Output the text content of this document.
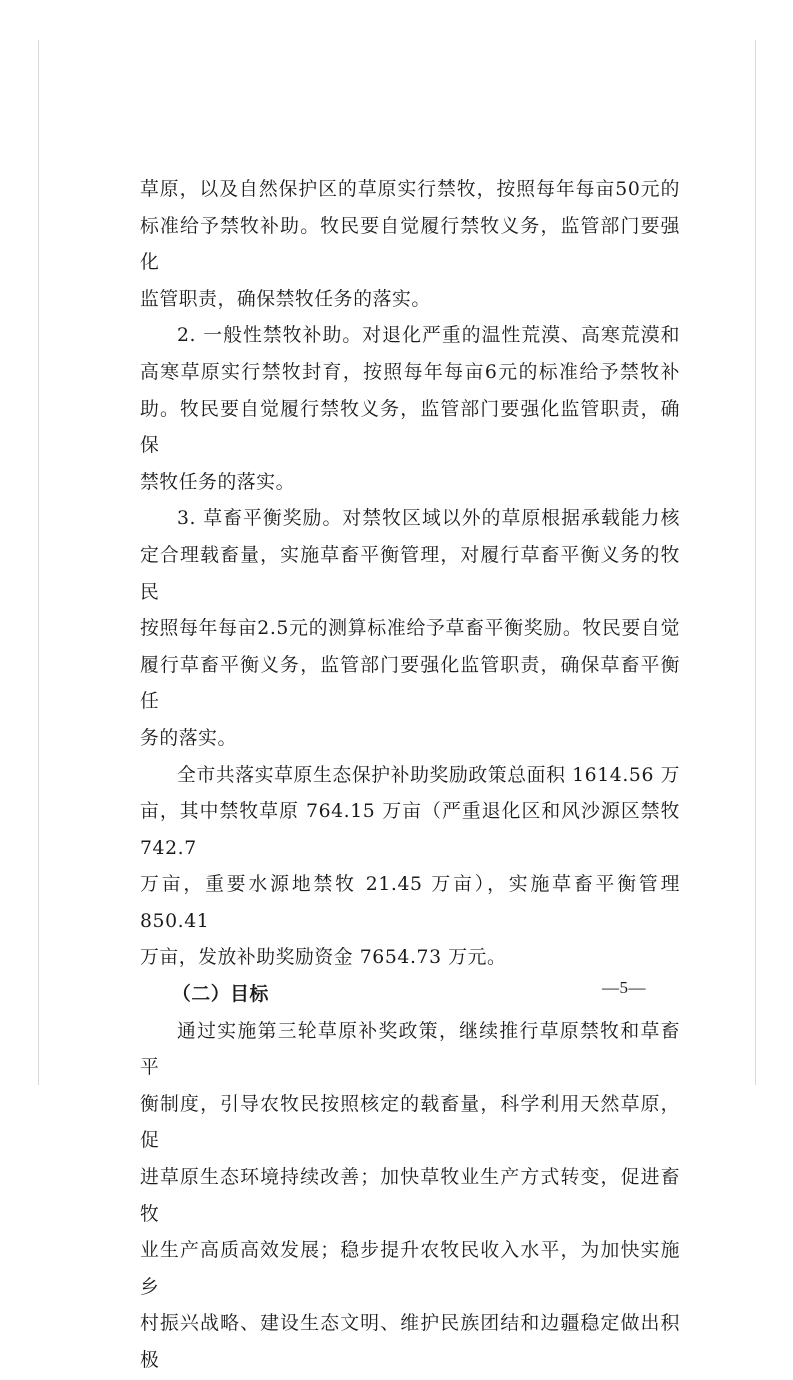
草原，以及自然保护区的草原实行禁牧，按照每年每亩50元的

标准给予禁牧补助。牧民要自觉履行禁牧义务，监管部门要强化

监管职责，确保禁牧任务的落实。

2. 一般性禁牧补助。对退化严重的温性荒漠、高寒荒漠和

高寒草原实行禁牧封育，按照每年每亩6元的标准给予禁牧补

助。牧民要自觉履行禁牧义务，监管部门要强化监管职责，确保

禁牧任务的落实。

3. 草畜平衡奖励。对禁牧区域以外的草原根据承载能力核

定合理载畜量，实施草畜平衡管理，对履行草畜平衡义务的牧民

按照每年每亩2.5元的测算标准给予草畜平衡奖励。牧民要自觉

履行草畜平衡义务，监管部门要强化监管职责，确保草畜平衡任

务的落实。

全市共落实草原生态保护补助奖励政策总面积 1614.56 万

亩，其中禁牧草原 764.15 万亩（严重退化区和风沙源区禁牧 742.7

万亩，重要水源地禁牧 21.45 万亩），实施草畜平衡管理 850.41

万亩，发放补助奖励资金 7654.73 万元。

（二）目标

通过实施第三轮草原补奖政策，继续推行草原禁牧和草畜平

衡制度，引导农牧民按照核定的载畜量，科学利用天然草原，促

进草原生态环境持续改善；加快草牧业生产方式转变，促进畜牧

业生产高质高效发展；稳步提升农牧民收入水平，为加快实施乡

村振兴战略、建设生态文明、维护民族团结和边疆稳定做出积极

—5—
